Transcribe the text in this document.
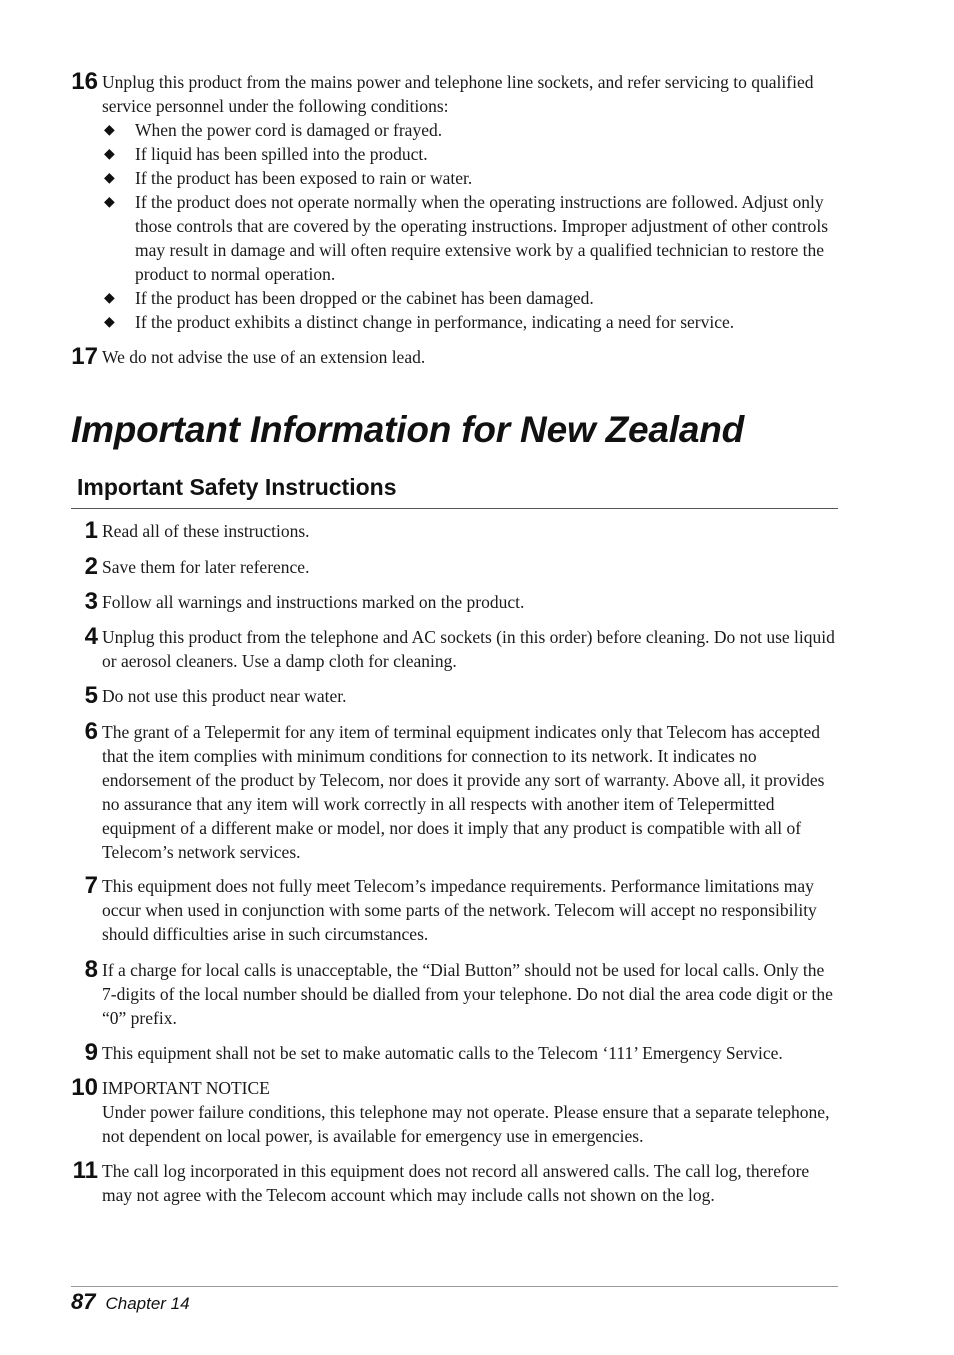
16 Unplug this product from the mains power and telephone line sockets, and refer servicing to qualified service personnel under the following conditions:

◆ When the power cord is damaged or frayed.
◆ If liquid has been spilled into the product.
◆ If the product has been exposed to rain or water.
◆ If the product does not operate normally when the operating instructions are followed. Adjust only those controls that are covered by the operating instructions. Improper adjustment of other controls may result in damage and will often require extensive work by a qualified technician to restore the product to normal operation.
◆ If the product has been dropped or the cabinet has been damaged.
◆ If the product exhibits a distinct change in performance, indicating a need for service.
17 We do not advise the use of an extension lead.
Important Information for New Zealand
Important Safety Instructions
1 Read all of these instructions.
2 Save them for later reference.
3 Follow all warnings and instructions marked on the product.
4 Unplug this product from the telephone and AC sockets (in this order) before cleaning. Do not use liquid or aerosol cleaners. Use a damp cloth for cleaning.
5 Do not use this product near water.
6 The grant of a Telepermit for any item of terminal equipment indicates only that Telecom has accepted that the item complies with minimum conditions for connection to its network. It indicates no endorsement of the product by Telecom, nor does it provide any sort of warranty. Above all, it provides no assurance that any item will work correctly in all respects with another item of Telepermitted equipment of a different make or model, nor does it imply that any product is compatible with all of Telecom’s network services.
7 This equipment does not fully meet Telecom’s impedance requirements. Performance limitations may occur when used in conjunction with some parts of the network. Telecom will accept no responsibility should difficulties arise in such circumstances.
8 If a charge for local calls is unacceptable, the “Dial Button” should not be used for local calls. Only the 7-digits of the local number should be dialled from your telephone. Do not dial the area code digit or the “0” prefix.
9 This equipment shall not be set to make automatic calls to the Telecom ‘111’ Emergency Service.
10 IMPORTANT NOTICE

Under power failure conditions, this telephone may not operate. Please ensure that a separate telephone, not dependent on local power, is available for emergency use in emergencies.

11 The call log incorporated in this equipment does not record all answered calls. The call log, therefore may not agree with the Telecom account which may include calls not shown on the log.
87 Chapter 14
